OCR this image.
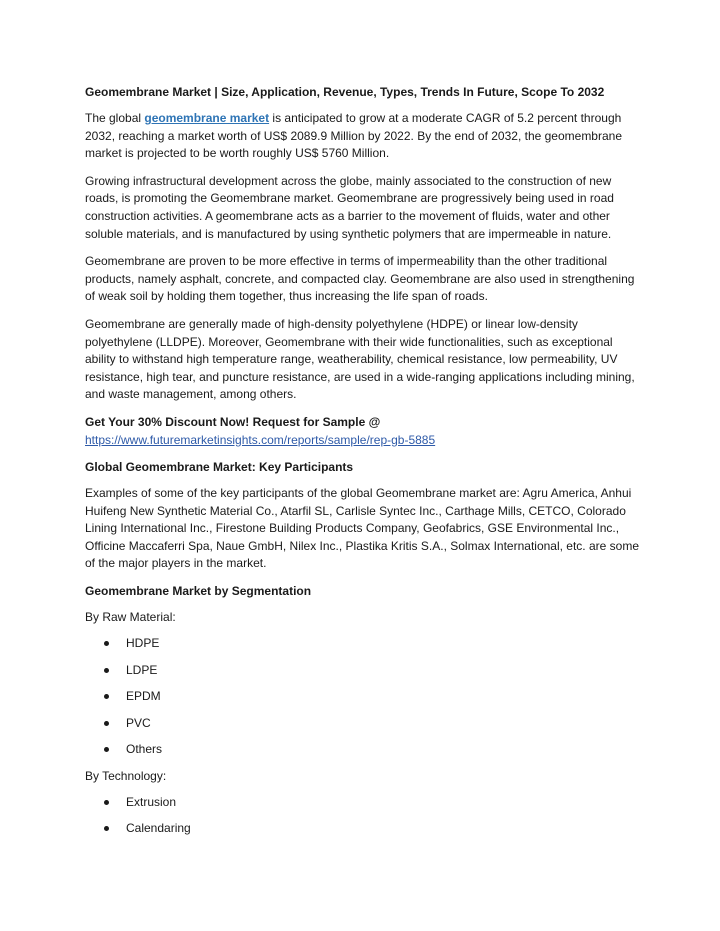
Geomembrane Market | Size, Application, Revenue, Types, Trends In Future, Scope To 2032

The global geomembrane market is anticipated to grow at a moderate CAGR of 5.2 percent through 2032, reaching a market worth of US$ 2089.9 Million by 2022. By the end of 2032, the geomembrane market is projected to be worth roughly US$ 5760 Million.

Growing infrastructural development across the globe, mainly associated to the construction of new roads, is promoting the Geomembrane market. Geomembrane are progressively being used in road construction activities. A geomembrane acts as a barrier to the movement of fluids, water and other soluble materials, and is manufactured by using synthetic polymers that are impermeable in nature.

Geomembrane are proven to be more effective in terms of impermeability than the other traditional products, namely asphalt, concrete, and compacted clay. Geomembrane are also used in strengthening of weak soil by holding them together, thus increasing the life span of roads.

Geomembrane are generally made of high-density polyethylene (HDPE) or linear low-density polyethylene (LLDPE). Moreover, Geomembrane with their wide functionalities, such as exceptional ability to withstand high temperature range, weatherability, chemical resistance, low permeability, UV resistance, high tear, and puncture resistance, are used in a wide-ranging applications including mining, and waste management, among others.

Get Your 30% Discount Now! Request for Sample @
https://www.futuremarketinsights.com/reports/sample/rep-gb-5885
Global Geomembrane Market: Key Participants

Examples of some of the key participants of the global Geomembrane market are: Agru America, Anhui Huifeng New Synthetic Material Co., Atarfil SL, Carlisle Syntec Inc., Carthage Mills, CETCO, Colorado Lining International Inc., Firestone Building Products Company, Geofabrics, GSE Environmental Inc., Officine Maccaferri Spa, Naue GmbH, Nilex Inc., Plastika Kritis S.A., Solmax International, etc. are some of the major players in the market.

Geomembrane Market by Segmentation
By Raw Material:
HDPE
LDPE
EPDM
PVC
Others
By Technology:
Extrusion
Calendaring
